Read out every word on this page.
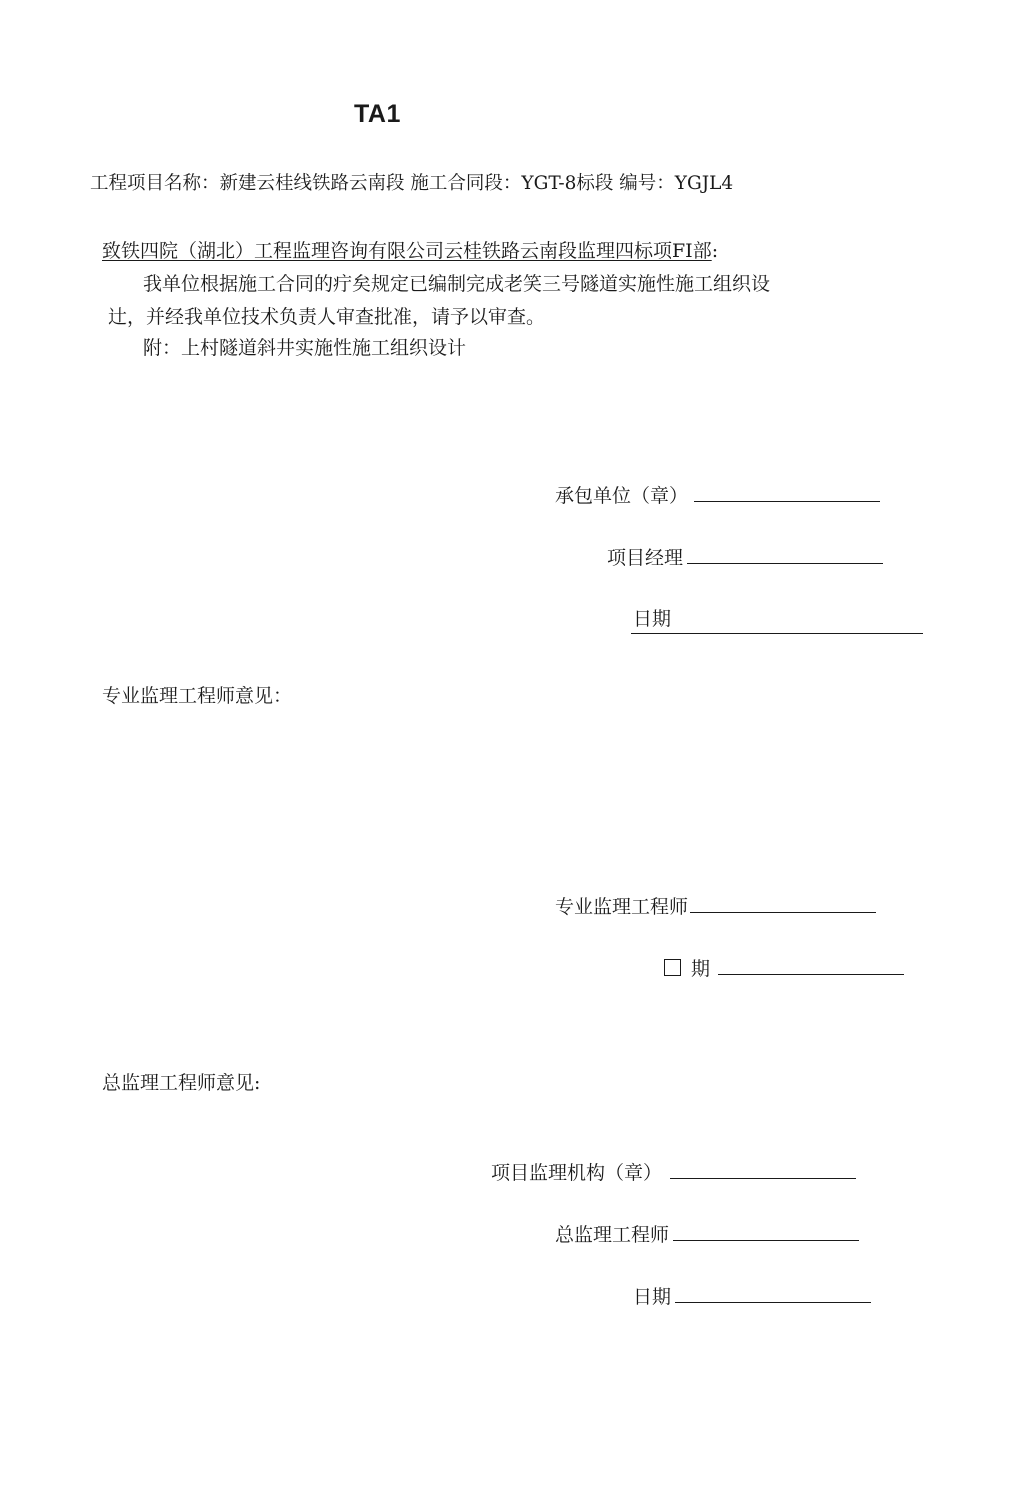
TA1
工程项目名称：新建云桂线铁路云南段 施工合同段：YGT-8标段 编号：YGJL4
致铁四院（湖北）工程监理咨询有限公司云桂铁路云南段监理四标项FI部:
我单位根据施工合同的疔矣规定已编制完成老笑三号隧道实施性施工组织设
辻，并经我单位技术负责人审查批准，请予以审查。
附：上村隧道斜井实施性施工组织设计
承包单位（章）
项目经理
日期
专业监理工程师意见：
专业监理工程师
期
总监理工程师意见:
项目监理机构（章）
总监理工程师
日期
